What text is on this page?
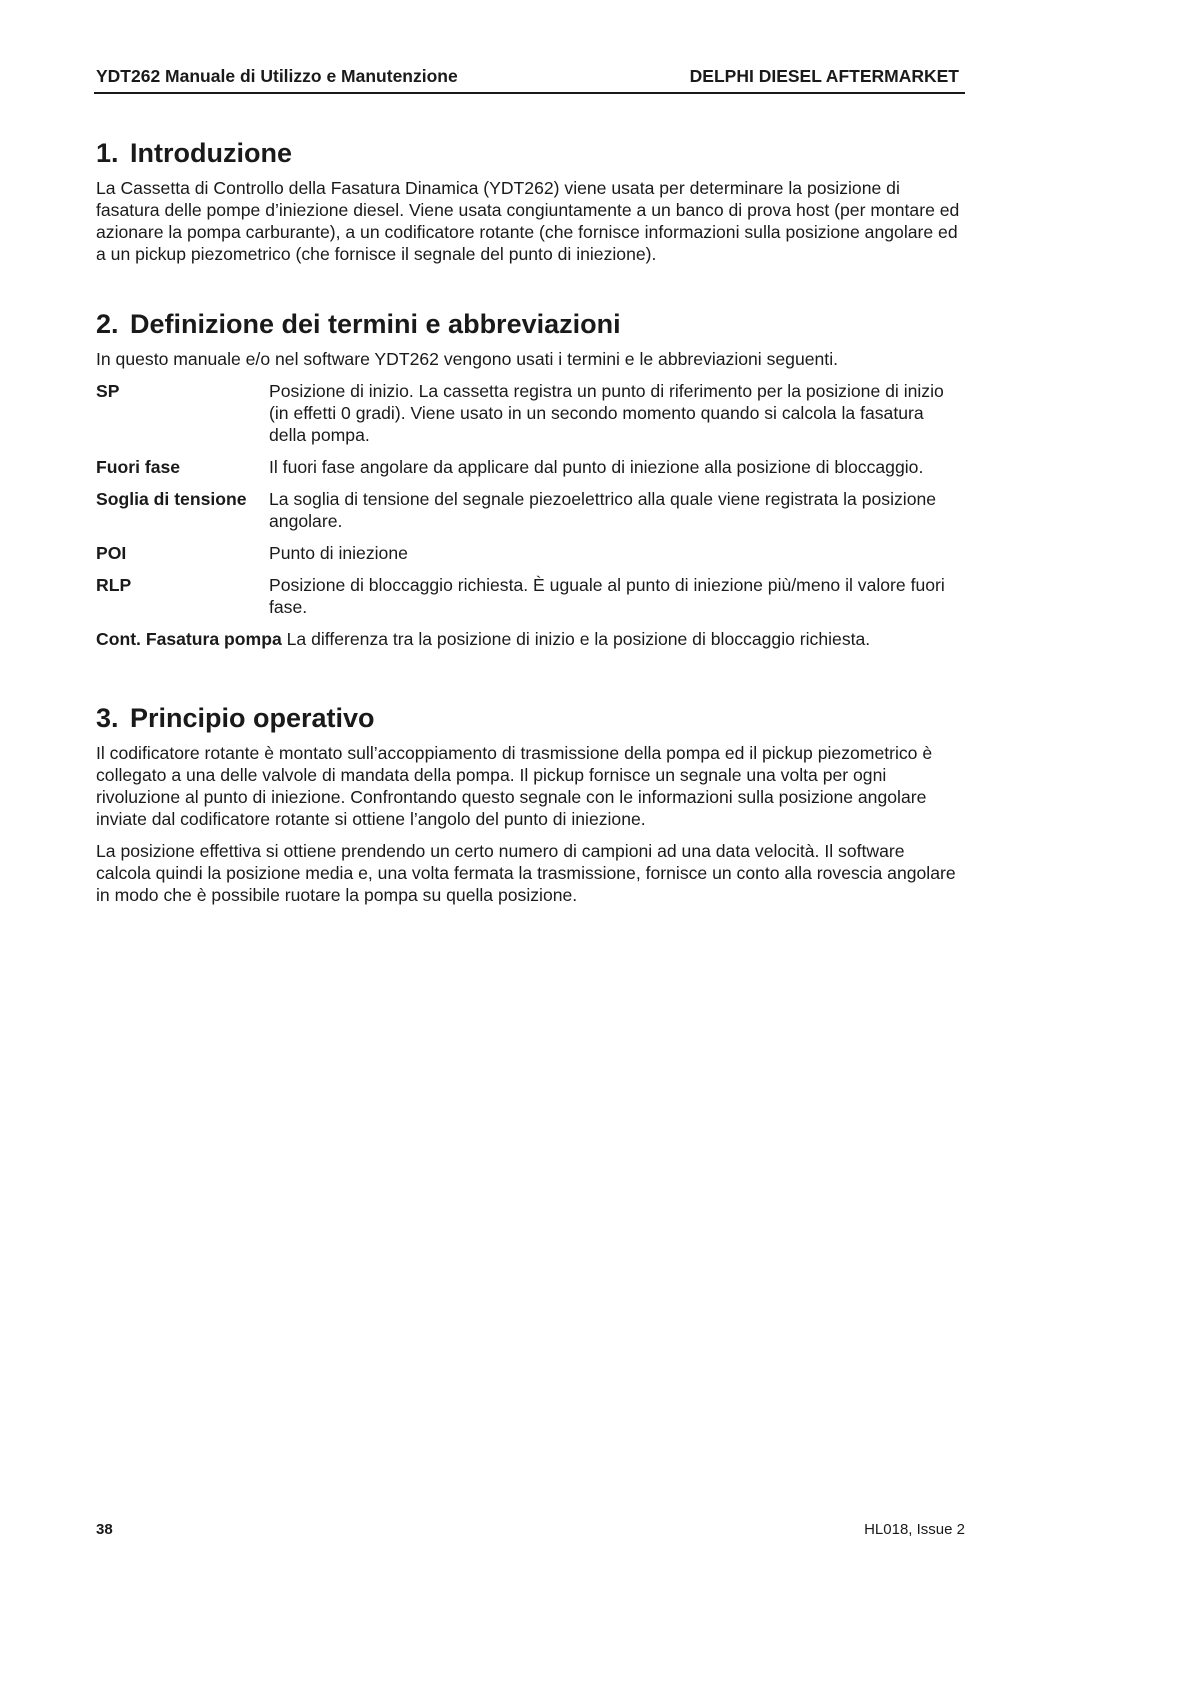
YDT262 Manuale di Utilizzo e Manutenzione	DELPHI DIESEL AFTERMARKET
1. Introduzione

La Cassetta di Controllo della Fasatura Dinamica (YDT262) viene usata per determinare la posizione di fasatura delle pompe d’iniezione diesel. Viene usata congiuntamente a un banco di prova host (per montare ed azionare la pompa carburante), a un codificatore rotante (che fornisce informazioni sulla posizione angolare ed a un pickup piezometrico (che fornisce il segnale del punto di iniezione).

2. Definizione dei termini e abbreviazioni

In questo manuale e/o nel software YDT262 vengono usati i termini e le abbreviazioni seguenti.

SP	Posizione di inizio. La cassetta registra un punto di riferimento per la posizione di inizio (in effetti 0 gradi). Viene usato in un secondo momento quando si calcola la fasatura della pompa.
Fuori fase	Il fuori fase angolare da applicare dal punto di iniezione alla posizione di bloccaggio.
Soglia di tensione	La soglia di tensione del segnale piezoelettrico alla quale viene registrata la posizione angolare.
POI	Punto di iniezione
RLP	Posizione di bloccaggio richiesta. È uguale al punto di iniezione più/meno il valore fuori fase.

Cont. Fasatura pompa La differenza tra la posizione di inizio e la posizione di bloccaggio richiesta.

3. Principio operativo

Il codificatore rotante è montato sull’accoppiamento di trasmissione della pompa ed il pickup piezometrico è collegato a una delle valvole di mandata della pompa. Il pickup fornisce un segnale una volta per ogni rivoluzione al punto di iniezione. Confrontando questo segnale con le informazioni sulla posizione angolare inviate dal codificatore rotante si ottiene l’angolo del punto di iniezione.

La posizione effettiva si ottiene prendendo un certo numero di campioni ad una data velocità. Il software calcola quindi la posizione media e, una volta fermata la trasmissione, fornisce un conto alla rovescia angolare in modo che è possibile ruotare la pompa su quella posizione.

38	HL018, Issue 2
